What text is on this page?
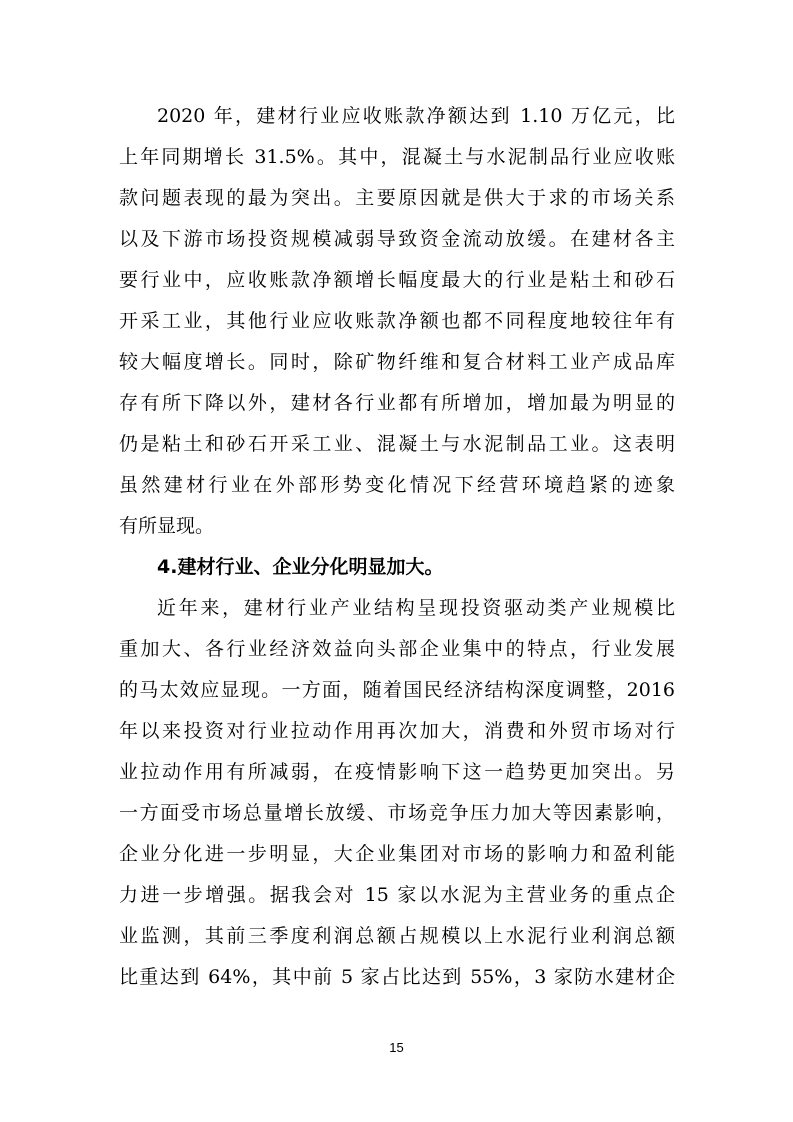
2020 年，建材行业应收账款净额达到 1.10 万亿元，比
上年同期增长 31.5%。其中，混凝土与水泥制品行业应收账
款问题表现的最为突出。主要原因就是供大于求的市场关系
以及下游市场投资规模减弱导致资金流动放缓。在建材各主
要行业中，应收账款净额增长幅度最大的行业是粘土和砂石
开采工业，其他行业应收账款净额也都不同程度地较往年有
较大幅度增长。同时，除矿物纤维和复合材料工业产成品库
存有所下降以外，建材各行业都有所增加，增加最为明显的
仍是粘土和砂石开采工业、混凝土与水泥制品工业。这表明
虽然建材行业在外部形势变化情况下经营环境趋紧的迹象
有所显现。
4.建材行业、企业分化明显加大。
近年来，建材行业产业结构呈现投资驱动类产业规模比
重加大、各行业经济效益向头部企业集中的特点，行业发展
的马太效应显现。一方面，随着国民经济结构深度调整，2016
年以来投资对行业拉动作用再次加大，消费和外贸市场对行
业拉动作用有所减弱，在疫情影响下这一趋势更加突出。另
一方面受市场总量增长放缓、市场竞争压力加大等因素影响，
企业分化进一步明显，大企业集团对市场的影响力和盈利能
力进一步增强。据我会对 15 家以水泥为主营业务的重点企
业监测，其前三季度利润总额占规模以上水泥行业利润总额
比重达到 64%，其中前 5 家占比达到 55%，3 家防水建材企
15
